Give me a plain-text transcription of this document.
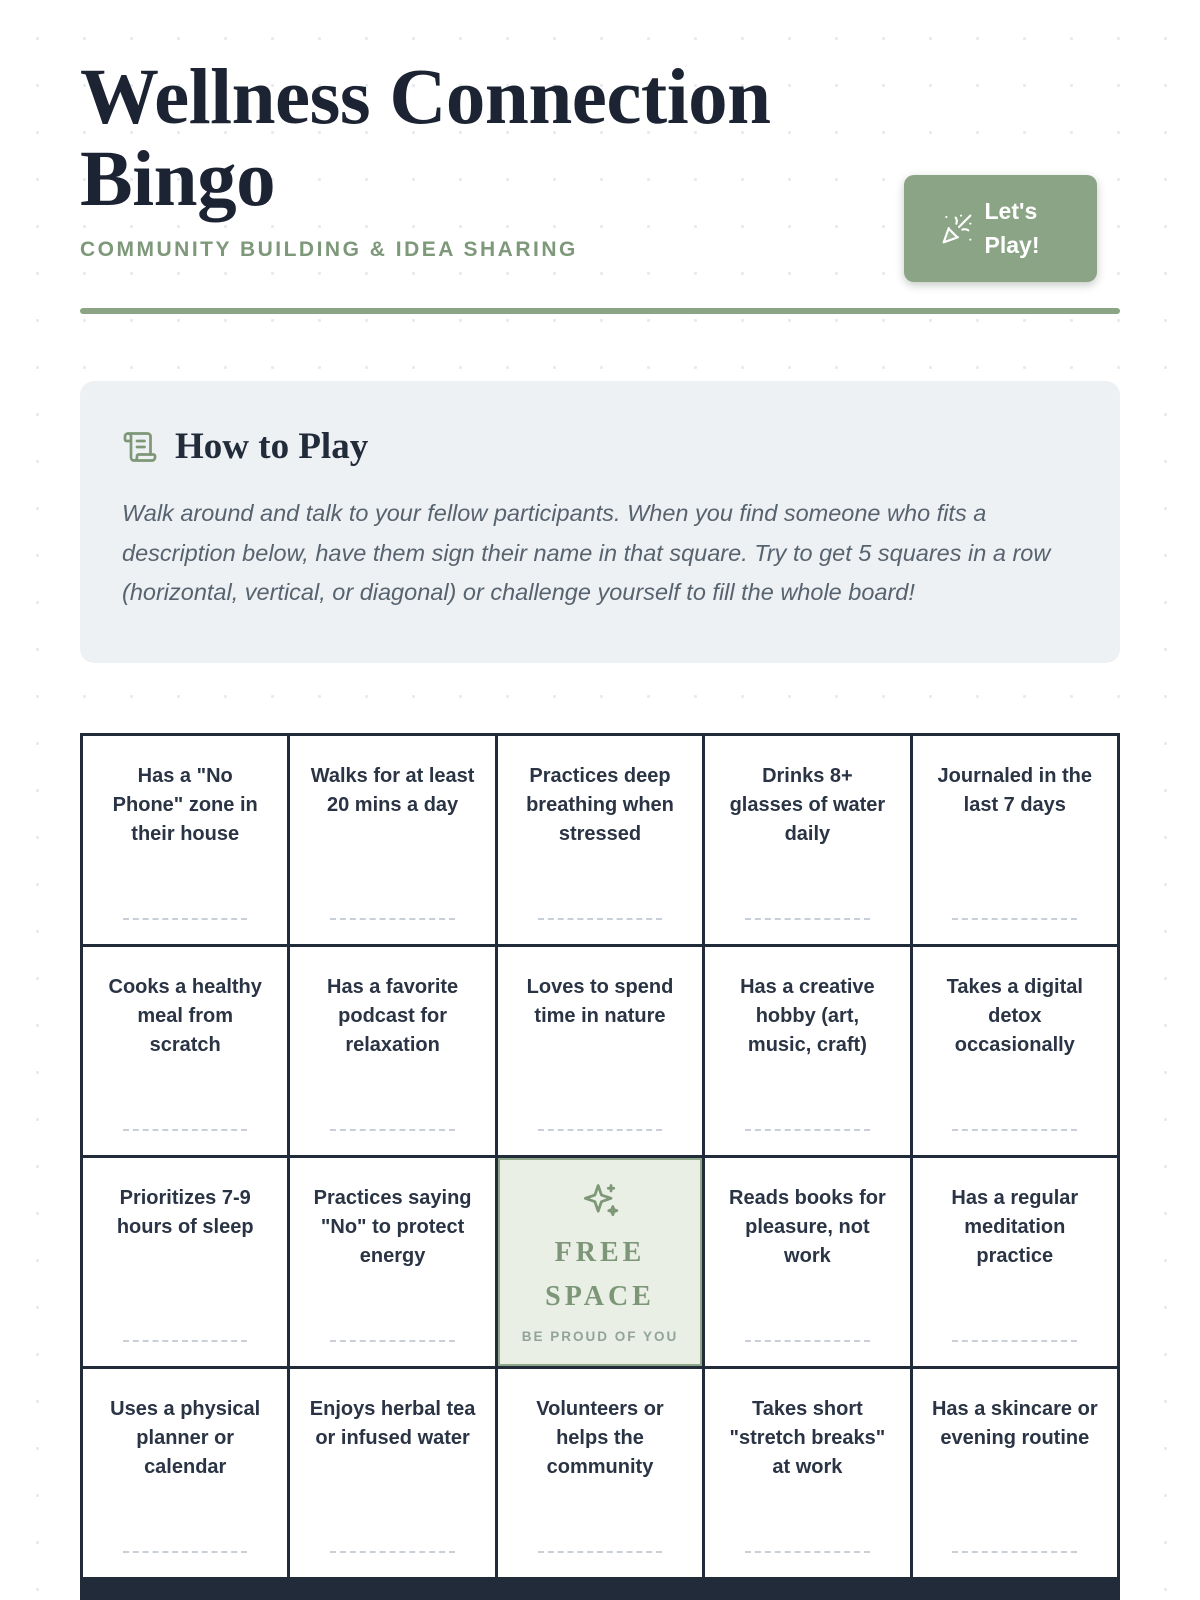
Wellness Connection Bingo
COMMUNITY BUILDING & IDEA SHARING
Let's Play!
How to Play

Walk around and talk to your fellow participants. When you find someone who fits a description below, have them sign their name in that square. Try to get 5 squares in a row (horizontal, vertical, or diagonal) or challenge yourself to fill the whole board!

Has a "No Phone" zone in their house
Walks for at least 20 mins a day
Practices deep breathing when stressed
Drinks 8+ glasses of water daily
Journaled in the last 7 days
Cooks a healthy meal from scratch
Has a favorite podcast for relaxation
Loves to spend time in nature
Has a creative hobby (art, music, craft)
Takes a digital detox occasionally
Prioritizes 7-9 hours of sleep
Practices saying "No" to protect energy	FREE
SPACE
BE PROUD OF YOU
Reads books for pleasure, not work
Has a regular meditation practice
Uses a physical planner or calendar
Enjoys herbal tea or infused water
Volunteers or helps the community
Takes short "stretch breaks" at work
Has a skincare or evening routine
